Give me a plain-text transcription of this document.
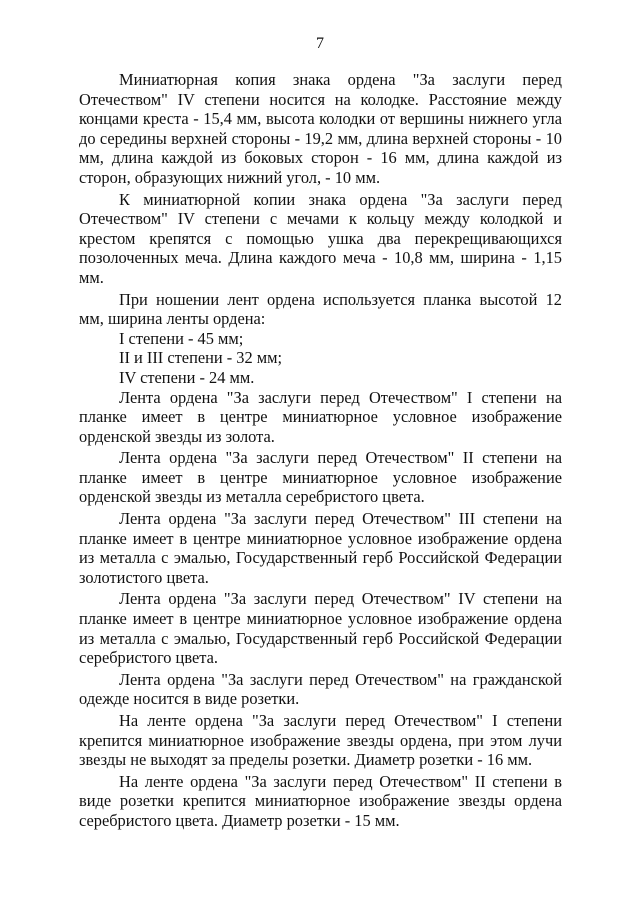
7

Миниатюрная копия знака ордена "За заслуги перед Отечеством" IV степени носится на колодке. Расстояние между концами креста - 15,4 мм, высота колодки от вершины нижнего угла до середины верхней стороны - 19,2 мм, длина верхней стороны - 10 мм, длина каждой из боковых сторон - 16 мм, длина каждой из сторон, образующих нижний угол, - 10 мм.

К миниатюрной копии знака ордена "За заслуги перед Отечеством" IV степени с мечами к кольцу между колодкой и крестом крепятся с помощью ушка два перекрещивающихся позолоченных меча. Длина каждого меча - 10,8 мм, ширина - 1,15 мм.

При ношении лент ордена используется планка высотой 12 мм, ширина ленты ордена:

I степени - 45 мм;
II и III степени - 32 мм;
IV степени - 24 мм.

Лента ордена "За заслуги перед Отечеством" I степени на планке имеет в центре миниатюрное условное изображение орденской звезды из золота.

Лента ордена "За заслуги перед Отечеством" II степени на планке имеет в центре миниатюрное условное изображение орденской звезды из металла серебристого цвета.

Лента ордена "За заслуги перед Отечеством" III степени на планке имеет в центре миниатюрное условное изображение ордена из металла с эмалью, Государственный герб Российской Федерации золотистого цвета.

Лента ордена "За заслуги перед Отечеством" IV степени на планке имеет в центре миниатюрное условное изображение ордена из металла с эмалью, Государственный герб Российской Федерации серебристого цвета.

Лента ордена "За заслуги перед Отечеством" на гражданской одежде носится в виде розетки.

На ленте ордена "За заслуги перед Отечеством" I степени крепится миниатюрное изображение звезды ордена, при этом лучи звезды не выходят за пределы розетки. Диаметр розетки - 16 мм.

На ленте ордена "За заслуги перед Отечеством" II степени в виде розетки крепится миниатюрное изображение звезды ордена серебристого цвета. Диаметр розетки - 15 мм.
